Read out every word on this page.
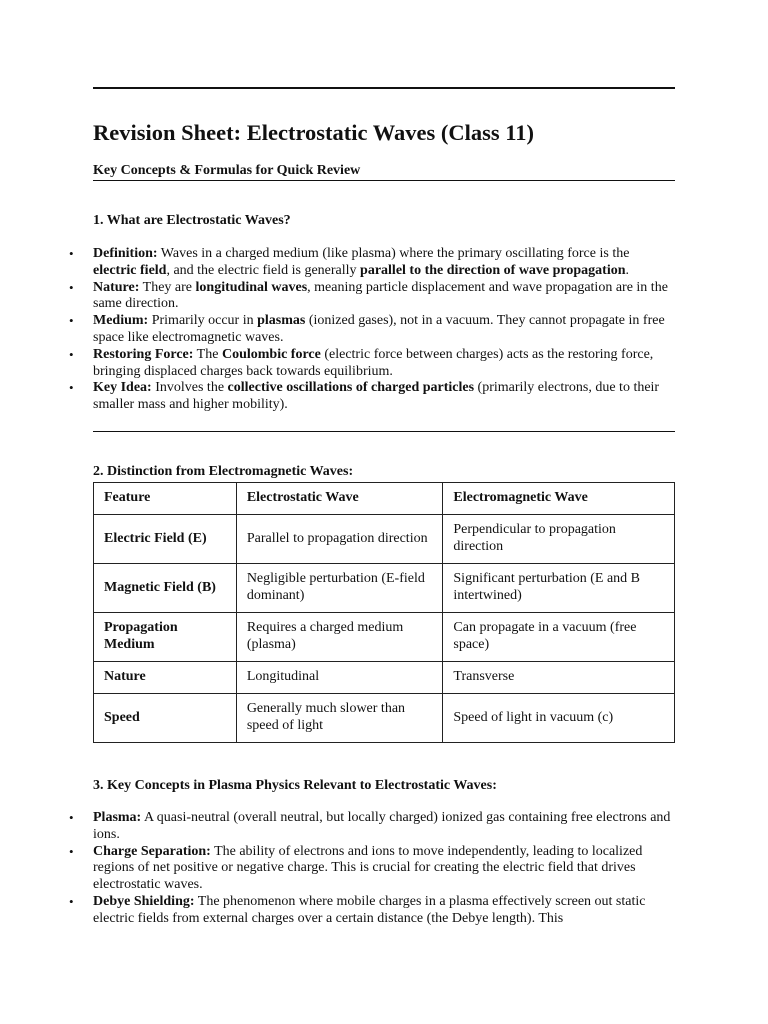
Revision Sheet: Electrostatic Waves (Class 11)
Key Concepts & Formulas for Quick Review
1. What are Electrostatic Waves?
• Definition: Waves in a charged medium (like plasma) where the primary oscillating force is the electric field, and the electric field is generally parallel to the direction of wave propagation.
• Nature: They are longitudinal waves, meaning particle displacement and wave propagation are in the same direction.
• Medium: Primarily occur in plasmas (ionized gases), not in a vacuum. They cannot propagate in free space like electromagnetic waves.
• Restoring Force: The Coulombic force (electric force between charges) acts as the restoring force, bringing displaced charges back towards equilibrium.
• Key Idea: Involves the collective oscillations of charged particles (primarily electrons, due to their smaller mass and higher mobility).
2. Distinction from Electromagnetic Waves:
Feature	Electrostatic Wave	Electromagnetic Wave
Electric Field (E)	Parallel to propagation direction	Perpendicular to propagation direction
Magnetic Field (B)	Negligible perturbation (E-field dominant)	Significant perturbation (E and B intertwined)
Propagation Medium	Requires a charged medium (plasma)	Can propagate in a vacuum (free space)
Nature	Longitudinal	Transverse
Speed	Generally much slower than speed of light	Speed of light in vacuum (c)
3. Key Concepts in Plasma Physics Relevant to Electrostatic Waves:
• Plasma: A quasi-neutral (overall neutral, but locally charged) ionized gas containing free electrons and ions.
• Charge Separation: The ability of electrons and ions to move independently, leading to localized regions of net positive or negative charge. This is crucial for creating the electric field that drives electrostatic waves.
• Debye Shielding: The phenomenon where mobile charges in a plasma effectively screen out static electric fields from external charges over a certain distance (the Debye length). This
